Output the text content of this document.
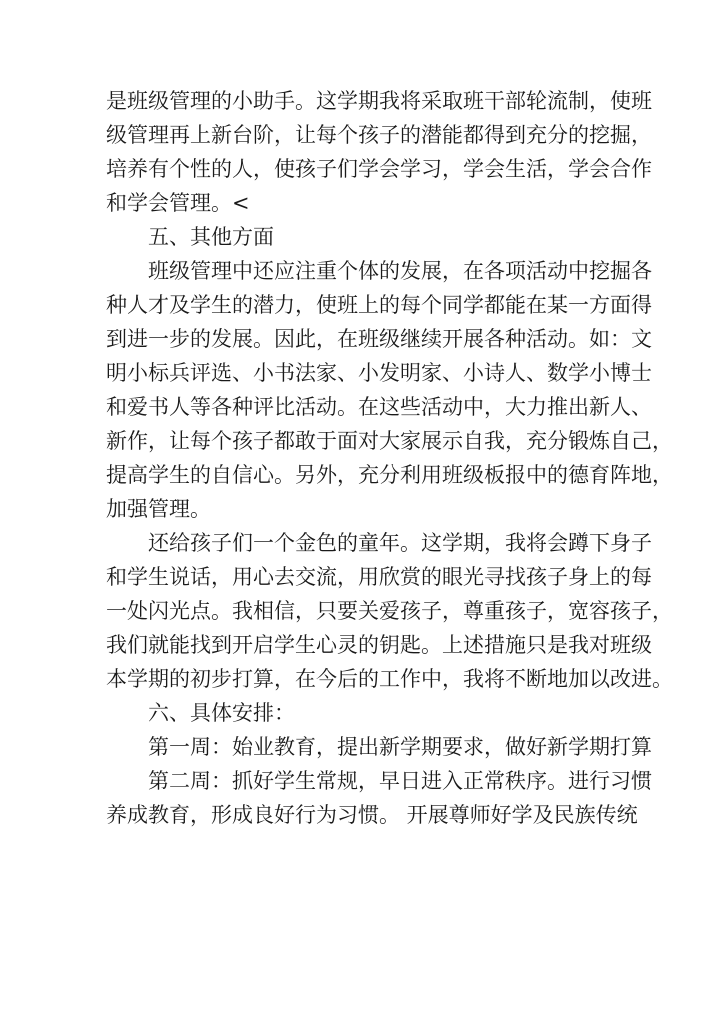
是班级管理的小助手。这学期我将采取班干部轮流制，使班

级管理再上新台阶，让每个孩子的潜能都得到充分的挖掘，

培养有个性的人，使孩子们学会学习，学会生活，学会合作

和学会管理。<

五、其他方面

班级管理中还应注重个体的发展，在各项活动中挖掘各

种人才及学生的潜力，使班上的每个同学都能在某一方面得

到进一步的发展。因此，在班级继续开展各种活动。如：文

明小标兵评选、小书法家、小发明家、小诗人、数学小博士

和爱书人等各种评比活动。在这些活动中，大力推出新人、

新作，让每个孩子都敢于面对大家展示自我，充分锻炼自己，

提高学生的自信心。另外，充分利用班级板报中的德育阵地，

加强管理。

还给孩子们一个金色的童年。这学期，我将会蹲下身子

和学生说话，用心去交流，用欣赏的眼光寻找孩子身上的每

一处闪光点。我相信，只要关爱孩子，尊重孩子，宽容孩子，

我们就能找到开启学生心灵的钥匙。上述措施只是我对班级

本学期的初步打算，在今后的工作中，我将不断地加以改进。

六、具体安排：

第一周：始业教育，提出新学期要求，做好新学期打算

第二周：抓好学生常规，早日进入正常秩序。进行习惯

养成教育，形成良好行为习惯。 开展尊师好学及民族传统
